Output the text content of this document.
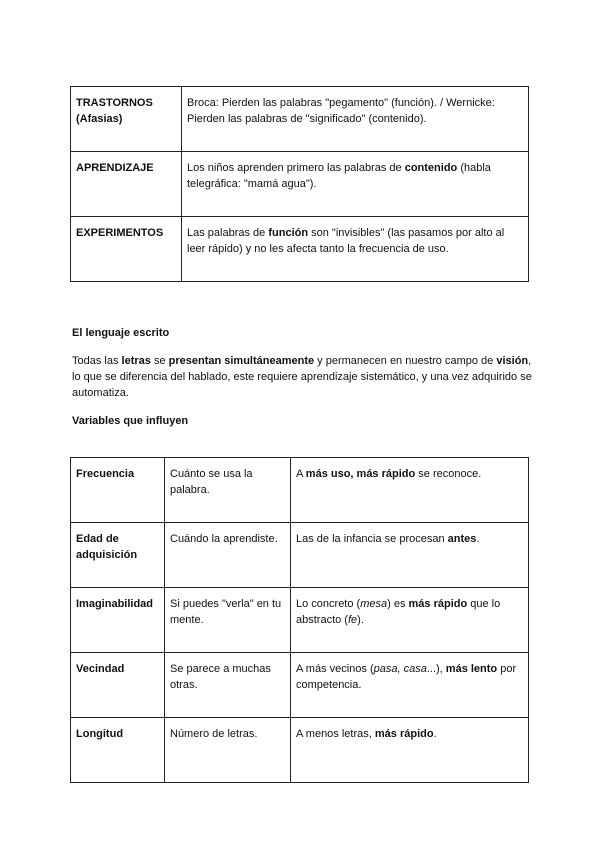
TRASTORNOS (Afasias)	Broca: Pierden las palabras "pegamento" (función). / Wernicke: Pierden las palabras de "significado" (contenido).
APRENDIZAJE	Los niños aprenden primero las palabras de contenido (habla telegráfica: "mamá agua").
EXPERIMENTOS	Las palabras de función son "invisibles" (las pasamos por alto al leer rápido) y no les afecta tanto la frecuencia de uso.

El lenguaje escrito

Todas las letras se presentan simultáneamente y permanecen en nuestro campo de visión, lo que se diferencia del hablado, este requiere aprendizaje sistemático, y una vez adquirido se automatiza.

Variables que influyen

Frecuencia	Cuánto se usa la palabra.	A más uso, más rápido se reconoce.
Edad de adquisición	Cuándo la aprendiste.	Las de la infancia se procesan antes.
Imaginabilidad	Si puedes "verla" en tu mente.	Lo concreto (mesa) es más rápido que lo abstracto (fe).
Vecindad	Se parece a muchas otras.	A más vecinos (pasa, casa...), más lento por competencia.
Longitud	Número de letras.	A menos letras, más rápido.
